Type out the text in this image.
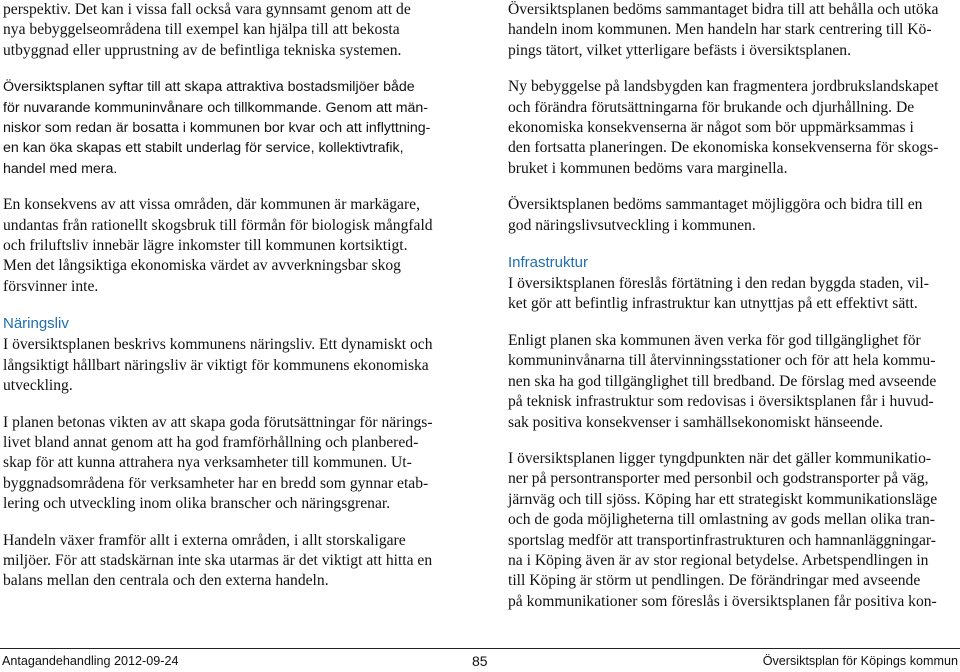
perspektiv. Det kan i vissa fall också vara gynnsamt genom att de
nya bebyggelseområdena till exempel kan hjälpa till att bekosta
utbyggnad eller upprustning av de befintliga tekniska systemen.

Översiktsplanen syftar till att skapa attraktiva bostadsmiljöer både
för nuvarande kommuninvånare och tillkommande. Genom att män-
niskor som redan är bosatta i kommunen bor kvar och att inflyttning-
en kan öka skapas ett stabilt underlag för service, kollektivtrafik,
handel med mera.

En konsekvens av att vissa områden, där kommunen är markägare,
undantas från rationellt skogsbruk till förmån för biologisk mångfald
och friluftsliv innebär lägre inkomster till kommunen kortsiktigt.
Men det långsiktiga ekonomiska värdet av avverkningsbar skog
försvinner inte.

Näringsliv

I översiktsplanen beskrivs kommunens näringsliv. Ett dynamiskt och
långsiktigt hållbart näringsliv är viktigt för kommunens ekonomiska
utveckling.

I planen betonas vikten av att skapa goda förutsättningar för närings-
livet bland annat genom att ha god framförhållning och planbered-
skap för att kunna attrahera nya verksamheter till kommunen. Ut-
byggnadsområdena för verksamheter har en bredd som gynnar etab-
lering och utveckling inom olika branscher och näringsgrenar.

Handeln växer framför allt i externa områden, i allt storskaligare
miljöer. För att stadskärnan inte ska utarmas är det viktigt att hitta en
balans mellan den centrala och den externa handeln.

Översiktsplanen bedöms sammantaget bidra till att behålla och utöka
handeln inom kommunen. Men handeln har stark centrering till Kö-
pings tätort, vilket ytterligare befästs i översiktsplanen.

Ny bebyggelse på landsbygden kan fragmentera jordbrukslandskapet
och förändra förutsättningarna för brukande och djurhållning. De
ekonomiska konsekvenserna är något som bör uppmärksammas i
den fortsatta planeringen. De ekonomiska konsekvenserna för skogs-
bruket i kommunen bedöms vara marginella.

Översiktsplanen bedöms sammantaget möjliggöra och bidra till en
god näringslivsutveckling i kommunen.

Infrastruktur

I översiktsplanen föreslås förtätning i den redan byggda staden, vil-
ket gör att befintlig infrastruktur kan utnyttjas på ett effektivt sätt.

Enligt planen ska kommunen även verka för god tillgänglighet för
kommuninvånarna till återvinningsstationer och för att hela kommu-
nen ska ha god tillgänglighet till bredband. De förslag med avseende
på teknisk infrastruktur som redovisas i översiktsplanen får i huvud-
sak positiva konsekvenser i samhällsekonomiskt hänseende.

I översiktsplanen ligger tyngdpunkten när det gäller kommunikatio-
ner på persontransporter med personbil och godstransporter på väg,
järnväg och till sjöss. Köping har ett strategiskt kommunikationsläge
och de goda möjligheterna till omlastning av gods mellan olika tran-
sportslag medför att transportinfrastrukturen och hamnanläggningar-
na i Köping även är av stor regional betydelse. Arbetspendlingen in
till Köping är störm ut pendlingen. De förändringar med avseende
på kommunikationer som föreslås i översiktsplanen får positiva kon-

Antagandehandling 2012-09-24	85	Översiktsplan för Köpings kommun
